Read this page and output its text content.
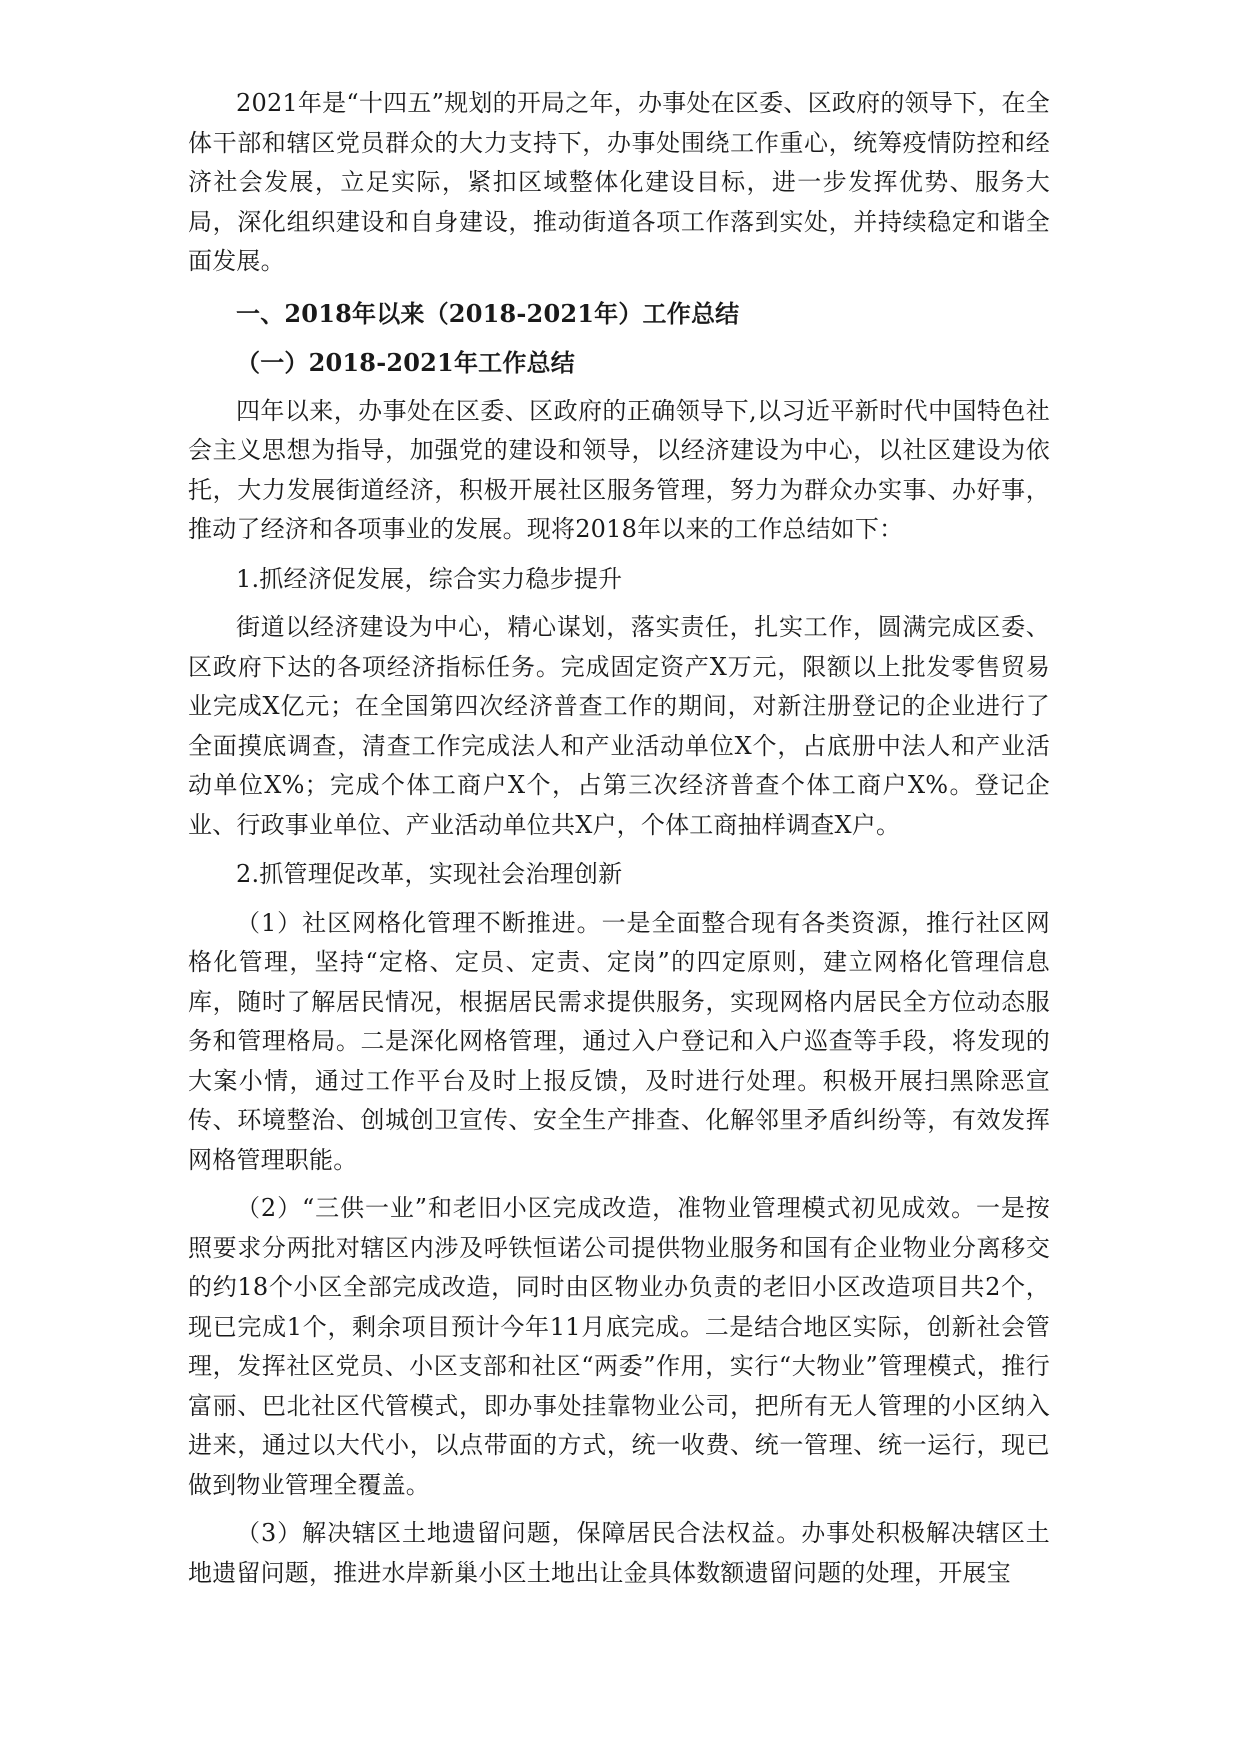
2021年是“十四五”规划的开局之年，办事处在区委、区政府的领导下，在全体干部和辖区党员群众的大力支持下，办事处围绕工作重心，统筹疫情防控和经济社会发展，立足实际，紧扣区域整体化建设目标，进一步发挥优势、服务大局，深化组织建设和自身建设，推动街道各项工作落到实处，并持续稳定和谐全面发展。

一、2018年以来（2018-2021年）工作总结

（一）2018-2021年工作总结

四年以来，办事处在区委、区政府的正确领导下,以习近平新时代中国特色社会主义思想为指导，加强党的建设和领导，以经济建设为中心，以社区建设为依托，大力发展街道经济，积极开展社区服务管理，努力为群众办实事、办好事，推动了经济和各项事业的发展。现将2018年以来的工作总结如下：

1.抓经济促发展，综合实力稳步提升

街道以经济建设为中心，精心谋划，落实责任，扎实工作，圆满完成区委、区政府下达的各项经济指标任务。完成固定资产X万元，限额以上批发零售贸易业完成X亿元；在全国第四次经济普查工作的期间，对新注册登记的企业进行了全面摸底调查，清查工作完成法人和产业活动单位X个，占底册中法人和产业活动单位X%；完成个体工商户X个，占第三次经济普查个体工商户X%。登记企业、行政事业单位、产业活动单位共X户，个体工商抽样调查X户。

2.抓管理促改革，实现社会治理创新

（1）社区网格化管理不断推进。一是全面整合现有各类资源，推行社区网格化管理，坚持“定格、定员、定责、定岗”的四定原则，建立网格化管理信息库，随时了解居民情况，根据居民需求提供服务，实现网格内居民全方位动态服务和管理格局。二是深化网格管理，通过入户登记和入户巡查等手段，将发现的大案小情，通过工作平台及时上报反馈，及时进行处理。积极开展扫黑除恶宣传、环境整治、创城创卫宣传、安全生产排查、化解邻里矛盾纠纷等，有效发挥网格管理职能。

（2）“三供一业”和老旧小区完成改造，准物业管理模式初见成效。一是按照要求分两批对辖区内涉及呼铁恒诺公司提供物业服务和国有企业物业分离移交的约18个小区全部完成改造，同时由区物业办负责的老旧小区改造项目共2个，现已完成1个，剩余项目预计今年11月底完成。二是结合地区实际，创新社会管理，发挥社区党员、小区支部和社区“两委”作用，实行“大物业”管理模式，推行富丽、巴北社区代管模式，即办事处挂靠物业公司，把所有无人管理的小区纳入进来，通过以大代小，以点带面的方式，统一收费、统一管理、统一运行，现已做到物业管理全覆盖。

（3）解决辖区土地遗留问题，保障居民合法权益。办事处积极解决辖区土地遗留问题，推进水岸新巢小区土地出让金具体数额遗留问题的处理，开展宝
